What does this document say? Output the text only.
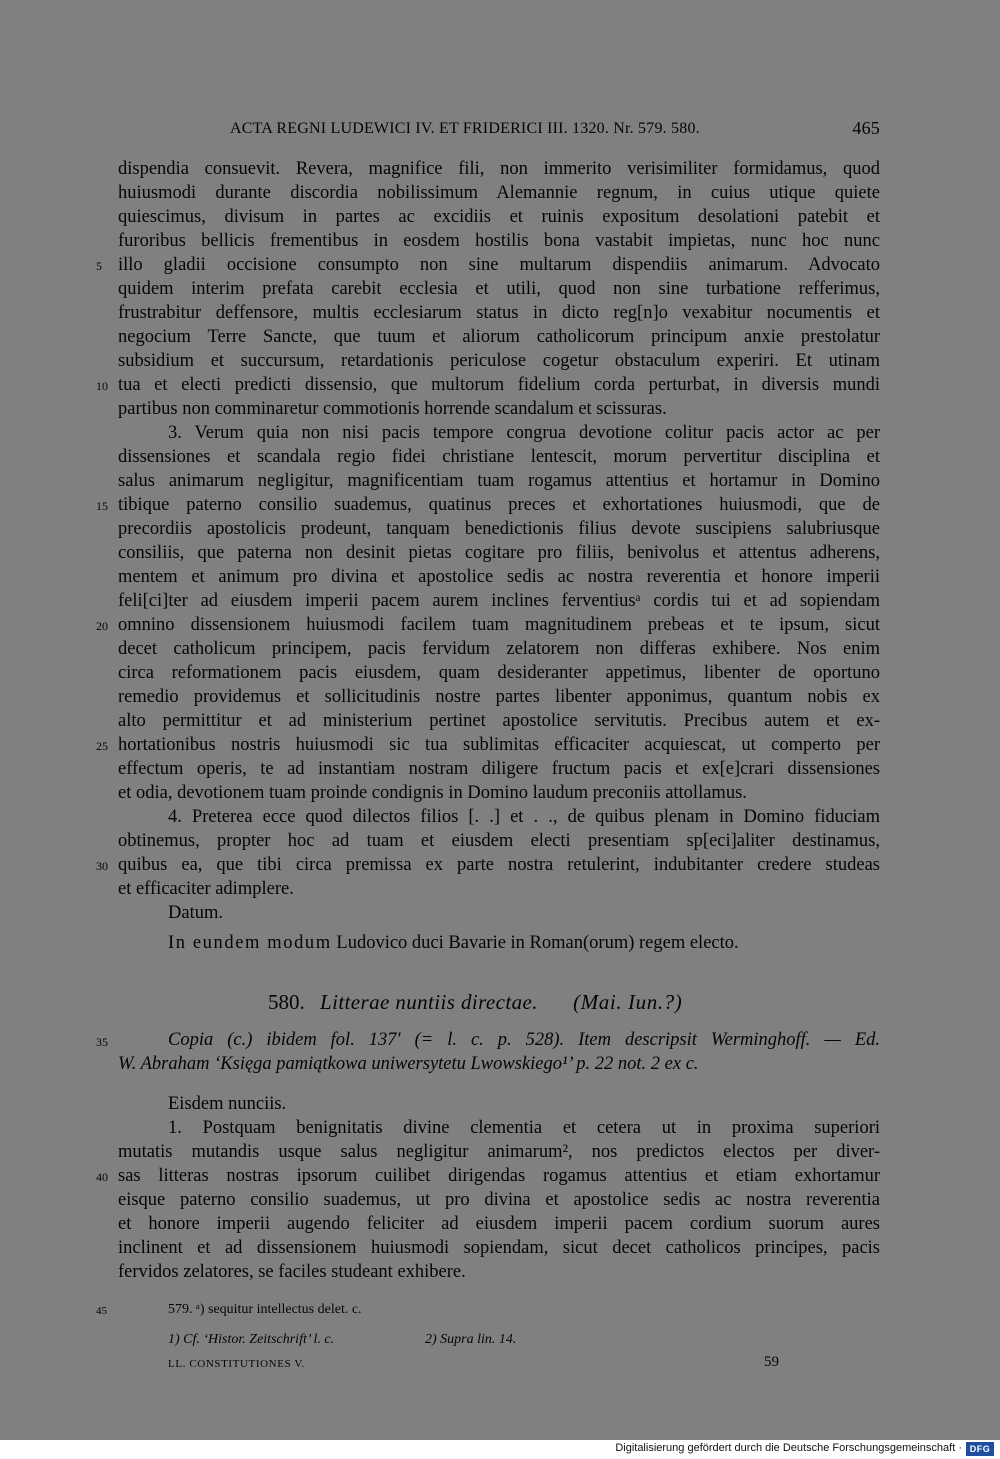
ACTA REGNI LUDEWICI IV. ET FRIDERICI III. 1320. Nr. 579. 580.	465
dispendia consuevit. Revera, magnifice fili, non immerito verisimiliter formidamus, quod
huiusmodi durante discordia nobilissimum Alemannie regnum, in cuius utique quiete
quiescimus, divisum in partes ac excidiis et ruinis expositum desolationi patebit et
furoribus bellicis frementibus in eosdem hostilis bona vastabit impietas, nunc hoc nunc
5 illo gladii occisione consumpto non sine multarum dispendiis animarum. Advocato
quidem interim prefata carebit ecclesia et utili, quod non sine turbatione refferimus,
frustrabitur deffensore, multis ecclesiarum status in dicto reg[n]o vexabitur nocumentis et
negocium Terre Sancte, que tuum et aliorum catholicorum principum anxie prestolatur
subsidium et succursum, retardationis periculose cogetur obstaculum experiri. Et utinam
10 tua et electi predicti dissensio, que multorum fidelium corda perturbat, in diversis mundi
partibus non comminaretur commotionis horrende scandalum et scissuras.
3. Verum quia non nisi pacis tempore congrua devotione colitur pacis actor ac per
dissensiones et scandala regio fidei christiane lentescit, morum pervertitur disciplina et
salus animarum negligitur, magnificentiam tuam rogamus attentius et hortamur in Domino
15 tibique paterno consilio suademus, quatinus preces et exhortationes huiusmodi, que de
precordiis apostolicis prodeunt, tanquam benedictionis filius devote suscipiens salubriusque
consiliis, que paterna non desinit pietas cogitare pro filiis, benivolus et attentus adherens,
mentem et animum pro divina et apostolice sedis ac nostra reverentia et honore imperii
feli[ci]ter ad eiusdem imperii pacem aurem inclines ferventiusᵃ cordis tui et ad sopiendam
20 omnino dissensionem huiusmodi facilem tuam magnitudinem prebeas et te ipsum, sicut
decet catholicum principem, pacis fervidum zelatorem non differas exhibere. Nos enim
circa reformationem pacis eiusdem, quam desideranter appetimus, libenter de oportuno
remedio providemus et sollicitudinis nostre partes libenter apponimus, quantum nobis ex
alto permittitur et ad ministerium pertinet apostolice servitutis. Precibus autem et ex-
25 hortationibus nostris huiusmodi sic tua sublimitas efficaciter acquiescat, ut comperto per
effectum operis, te ad instantiam nostram diligere fructum pacis et ex[e]crari dissensiones
et odia, devotionem tuam proinde condignis in Domino laudum preconiis attollamus.
4. Preterea ecce quod dilectos filios [. .] et . ., de quibus plenam in Domino fiduciam
obtinemus, propter hoc ad tuam et eiusdem electi presentiam sp[eci]aliter destinamus,
30 quibus ea, que tibi circa premissa ex parte nostra retulerint, indubitanter credere studeas
et efficaciter adimplere.
Datum.
In eundem modum Ludovico duci Bavarie in Roman(orum) regem electo.
580. Litterae nuntiis directae. (Mai. Iun.?)
35	Copia (c.) ibidem fol. 137′ (= l. c. p. 528). Item descripsit Werminghoff. — Ed.
W. Abraham ‘Księga pamiątkowa uniwersytetu Lwowskiego¹’ p. 22 not. 2 ex c.
Eisdem nunciis.
1. Postquam benignitatis divine clementia et cetera ut in proxima superiori
mutatis mutandis usque salus negligitur animarum², nos predictos electos per diver-
40 sas litteras nostras ipsorum cuilibet dirigendas rogamus attentius et etiam exhortamur
eisque paterno consilio suademus, ut pro divina et apostolice sedis ac nostra reverentia
et honore imperii augendo feliciter ad eiusdem imperii pacem cordium suorum aures
inclinent et ad dissensionem huiusmodi sopiendam, sicut decet catholicos principes, pacis
fervidos zelatores, se faciles studeant exhibere.
45	579. ᵃ) sequitur intellectus delet. c.
1) Cf. ‘Histor. Zeitschrift’ l. c.	2) Supra lin. 14.
LL. CONSTITUTIONES V.	59
Digitalisierung gefördert durch die Deutsche Forschungsgemeinschaft · DFG
